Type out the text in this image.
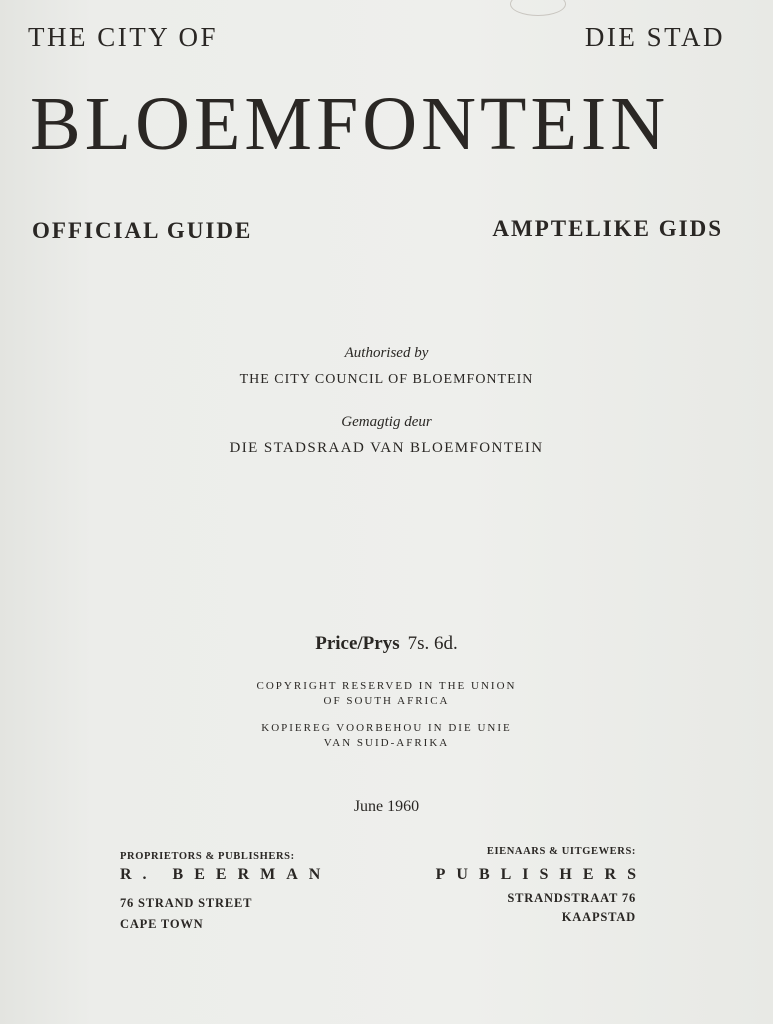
THE CITY OF	DIE STAD
BLOEMFONTEIN
OFFICIAL GUIDE	AMPTELIKE GIDS
Authorised by
THE CITY COUNCIL OF BLOEMFONTEIN
Gemagtig deur
DIE STADSRAAD VAN BLOEMFONTEIN
Price/Prys 7s. 6d.
COPYRIGHT RESERVED IN THE UNION
OF SOUTH AFRICA
KOPIEREG VOORBEHOU IN DIE UNIE
VAN SUID-AFRIKA
June 1960
PROPRIETORS & PUBLISHERS:	EIENAARS & UITGEWERS:
R. BEERMAN	PUBLISHERS
76 STRAND STREET
CAPE TOWN
STRANDSTRAAT 76
KAAPSTAD
